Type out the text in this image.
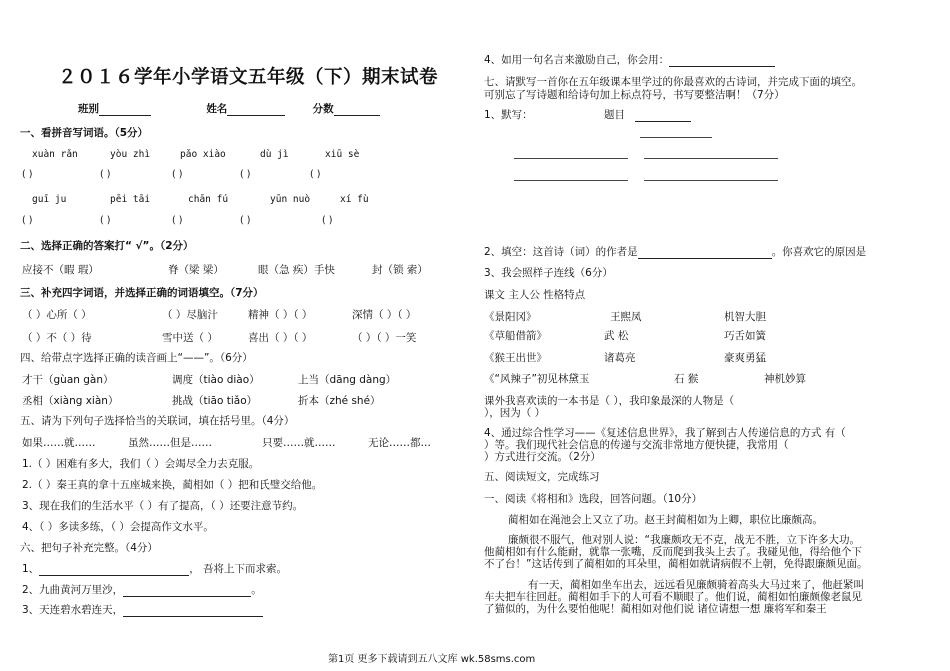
２０１６学年小学语文五年级（下）期末试卷
班别	姓名	分数
一、看拼音写词语。（5分）
xuàn rǎn	yòu zhì	pǎo xiào	dù jì	xiū sè
( )	( )	( )	( )	( )
guī ju	pēi tāi	chān fú	yūn nuò	xí fù
( )	( )	( )	( )	( )
二、选择正确的答案打“ √”。（2分）
应接不（暇 瑕）	脊（梁 梁）	眼（急 疾）手快	封（锁 索）
三、补充四字词语，并选择正确的词语填空。（7分）
（ ）心所（ ）	（ ）尽脑汁	精神（ ）（ ）	深情（ ）（ ）
（ ）不（ ）待	雪中送（ ）	喜出（ ）（ ）	（ ）（ ）一笑
四、给带点字选择正确的读音画上“——”。（6分）
才干（gùan gàn）	调度（tiào diào）	上当（dāng dàng）
丞相（xiàng xiàn）	挑战（tiāo tiǎo）	折本（zhé shé）
五、请为下列句子选择恰当的关联词，填在括号里。（4分）
如果……就……	虽然……但是……	只要……就……	无论……都…
1.（ ）困难有多大，我们（ ）会竭尽全力去克服。
2.（ ）秦王真的拿十五座城来换，蔺相如（ ）把和氏璧交给他。
3、现在我们的生活水平（ ）有了提高，（ ）还要注意节约。
4、（ ）多读多练，（ ）会提高作文水平。
六、把句子补充完整。（4分）
1、	， 吾将上下而求索。
2、九曲黄河万里沙，	。
3、天连碧水碧连天，
4、如用一句名言来激励自己，你会用：
七、请默写一首你在五年级课本里学过的你最喜欢的古诗词，并完成下面的填空。
可别忘了写诗题和给诗句加上标点符号，书写要整洁啊！（7分）
1、默写：	题目
2、填空：这首诗（词）的作者是	。你喜欢它的原因是
3、我会照样子连线（6分）
课文 主人公 性格特点
《景阳冈》	王熙凤	机智大胆
《草船借箭》	武 松	巧舌如簧
《猴王出世》	诸葛亮	豪爽勇猛
《“风辣子”初见林黛玉	石 猴	神机妙算
课外我喜欢读的一本书是（ ），我印象最深的人物是（
），因为（ ）
4、通过综合性学习——《复述信息世界》，我了解到古人传递信息的方式 有（
）等。我们现代社会信息的传递与交流非常地方便快捷，我常用（
）方式进行交流。（2分）
五、阅读短文，完成练习
一、阅读《将相和》选段，回答问题。（10分）
蔺相如在渑池会上又立了功。赵王封蔺相如为上卿，职位比廉颇高。
廉颇很不服气，他对别人说：“我廉颇攻无不克，战无不胜，立下许多大功。
他蔺相如有什么能耐，就靠一张嘴，反而爬到我头上去了。我碰见他，得给他个下
不了台！”这话传到了蔺相如的耳朵里，蔺相如就请病假不上朝，免得跟廉颇见面。
有一天，蔺相如坐车出去，远远看见廉颇骑着高头大马过来了，他赶紧叫
车夫把车往回赶。蔺相如手下的人可看不顺眼了。他们说，蔺相如怕廉颇像老鼠见
了猫似的，为什么要怕他呢！蔺相如对他们说 诸位请想一想 廉将军和秦王
第1页 更多下载请到五八文库 wk.58sms.com
